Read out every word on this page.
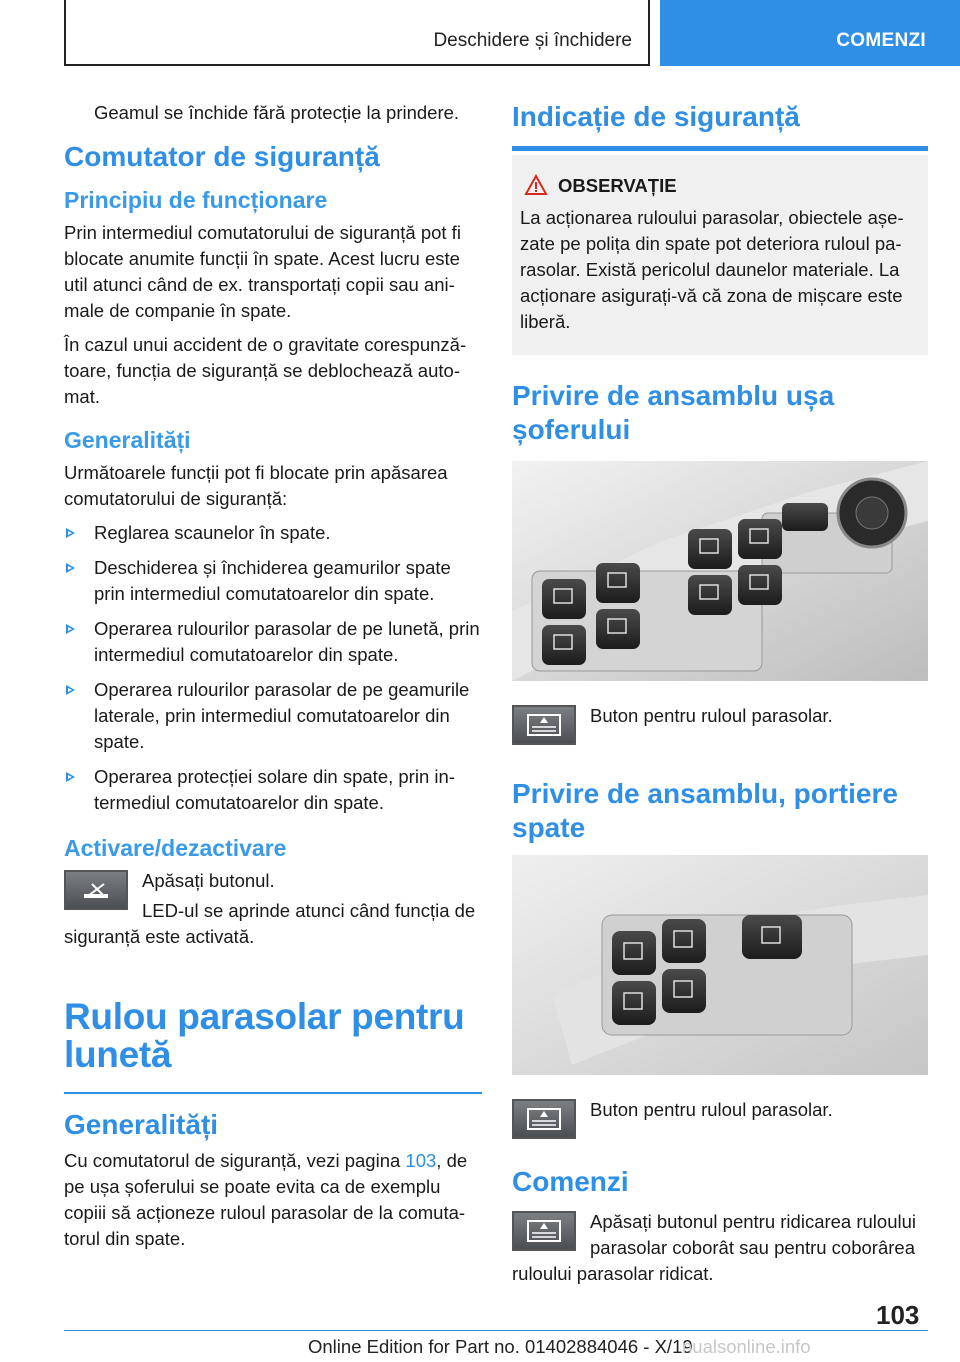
Deschidere și închidere	COMENZI

Geamul se închide fără protecție la prindere.

Comutator de siguranță
Principiu de funcționare

Prin intermediul comutatorului de siguranță pot fi blocate anumite funcții în spate. Acest lucru este util atunci când de ex. transportați copii sau animale de companie în spate.

În cazul unui accident de o gravitate corespunzătoare, funcția de siguranță se deblochează automat.

Generalități

Următoarele funcții pot fi blocate prin apăsarea comutatorului de siguranță:

Reglarea scaunelor în spate.
Deschiderea și închiderea geamurilor spate prin intermediul comutatoarelor din spate.
Operarea rulourilor parasolar de pe lunetă, prin intermediul comutatoarelor din spate.
Operarea rulourilor parasolar de pe geamurile laterale, prin intermediul comutatoarelor din spate.
Operarea protecției solare din spate, prin intermediul comutatoarelor din spate.
Activare/dezactivare

Apăsați butonul.

LED-ul se aprinde atunci când funcția de siguranță este activată.

Rulou parasolar pentru lunetă
Generalități

Cu comutatorul de siguranță, vezi pagina 103, de pe ușa șoferului se poate evita ca de exemplu copiii să acționeze ruloul parasolar de la comutatorul din spate.

Indicație de siguranță
OBSERVAȚIE

La acționarea ruloului parasolar, obiectele așezate pe polița din spate pot deteriora ruloul parasolar. Există pericolul daunelor materiale. La acționare asigurați-vă că zona de mișcare este liberă.

Privire de ansamblu ușa șoferului

Buton pentru ruloul parasolar.

Privire de ansamblu, portiere spate

Buton pentru ruloul parasolar.

Comenzi

Apăsați butonul pentru ridicarea ruloului parasolar coborât sau pentru coborârea ruloului parasolar ridicat.

103
Online Edition for Part no. 01402884046 - X/19
nualsonline.info
